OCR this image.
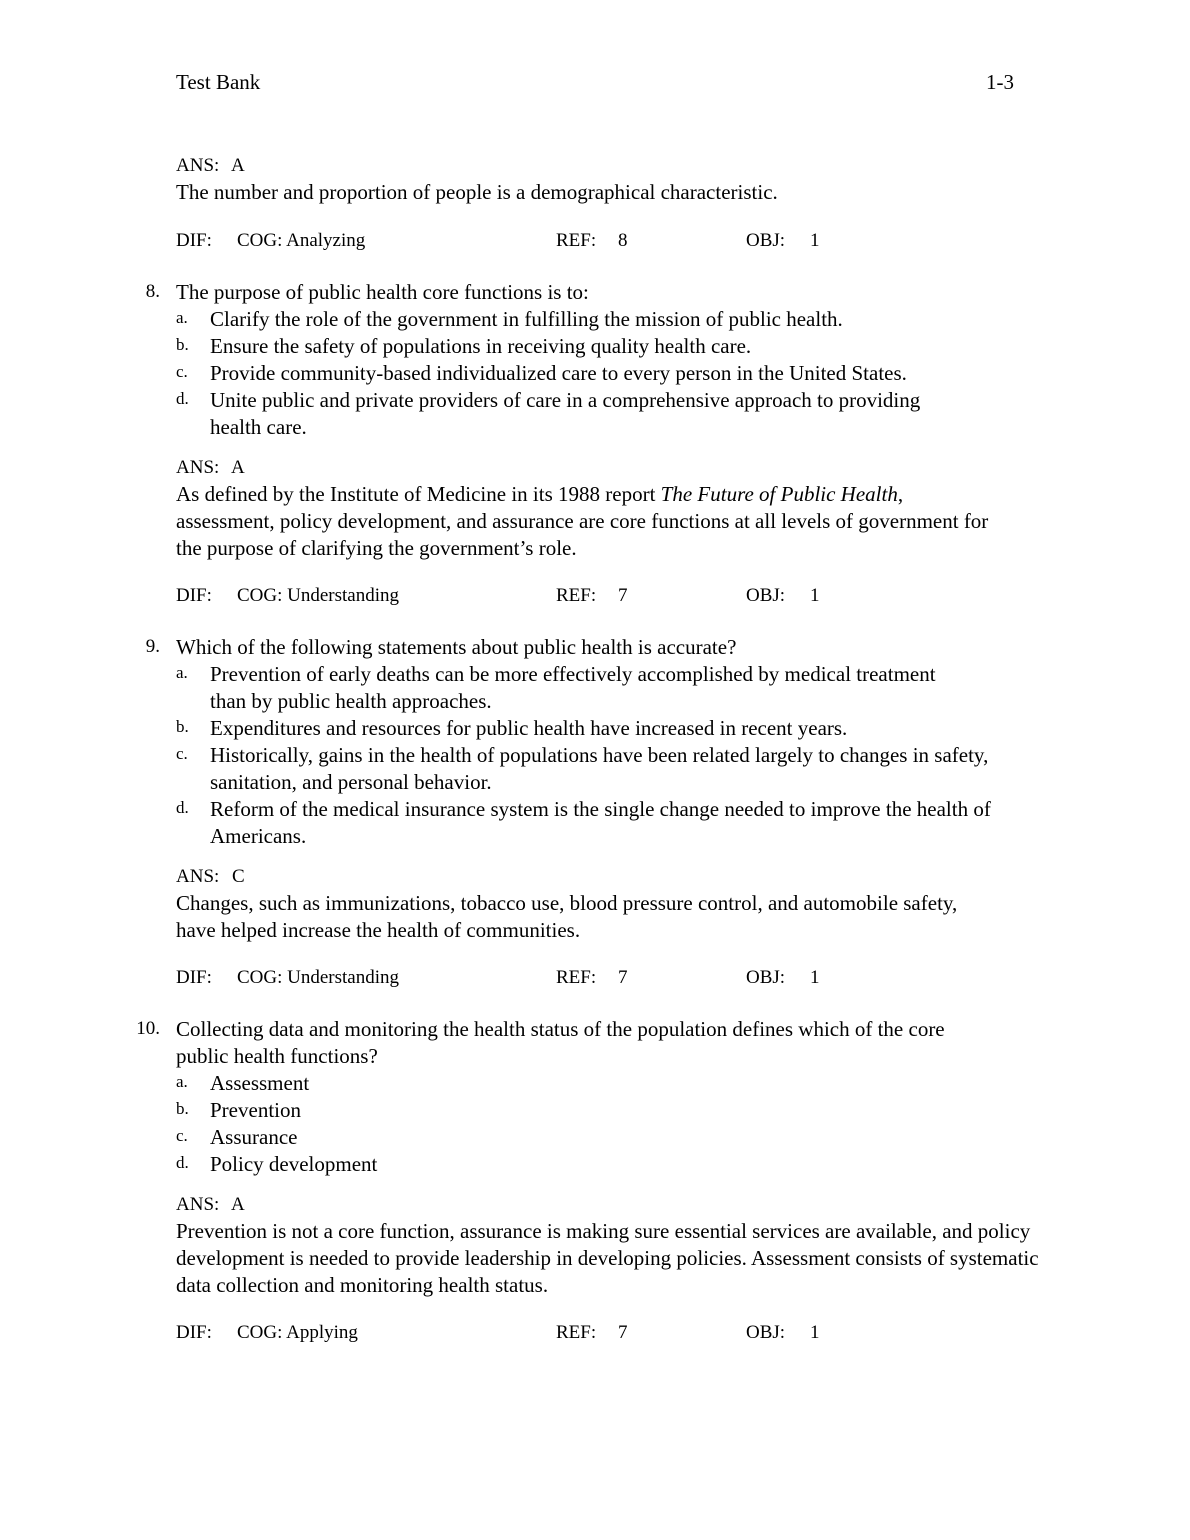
Test Bank	1-3
ANS: A
The number and proportion of people is a demographical characteristic.
DIF: COG: Analyzing	REF: 8	OBJ: 1
8. The purpose of public health core functions is to:
a. Clarify the role of the government in fulfilling the mission of public health.
b. Ensure the safety of populations in receiving quality health care.
c. Provide community-based individualized care to every person in the United States.
d. Unite public and private providers of care in a comprehensive approach to providing health care.
ANS: A
As defined by the Institute of Medicine in its 1988 report The Future of Public Health, assessment, policy development, and assurance are core functions at all levels of government for the purpose of clarifying the government’s role.
DIF: COG: Understanding	REF: 7	OBJ: 1
9. Which of the following statements about public health is accurate?
a. Prevention of early deaths can be more effectively accomplished by medical treatment than by public health approaches.
b. Expenditures and resources for public health have increased in recent years.
c. Historically, gains in the health of populations have been related largely to changes in safety, sanitation, and personal behavior.
d. Reform of the medical insurance system is the single change needed to improve the health of Americans.
ANS: C
Changes, such as immunizations, tobacco use, blood pressure control, and automobile safety, have helped increase the health of communities.
DIF: COG: Understanding	REF: 7	OBJ: 1
10. Collecting data and monitoring the health status of the population defines which of the core public health functions?
a. Assessment
b. Prevention
c. Assurance
d. Policy development
ANS: A
Prevention is not a core function, assurance is making sure essential services are available, and policy development is needed to provide leadership in developing policies. Assessment consists of systematic data collection and monitoring health status.
DIF: COG: Applying	REF: 7	OBJ: 1
